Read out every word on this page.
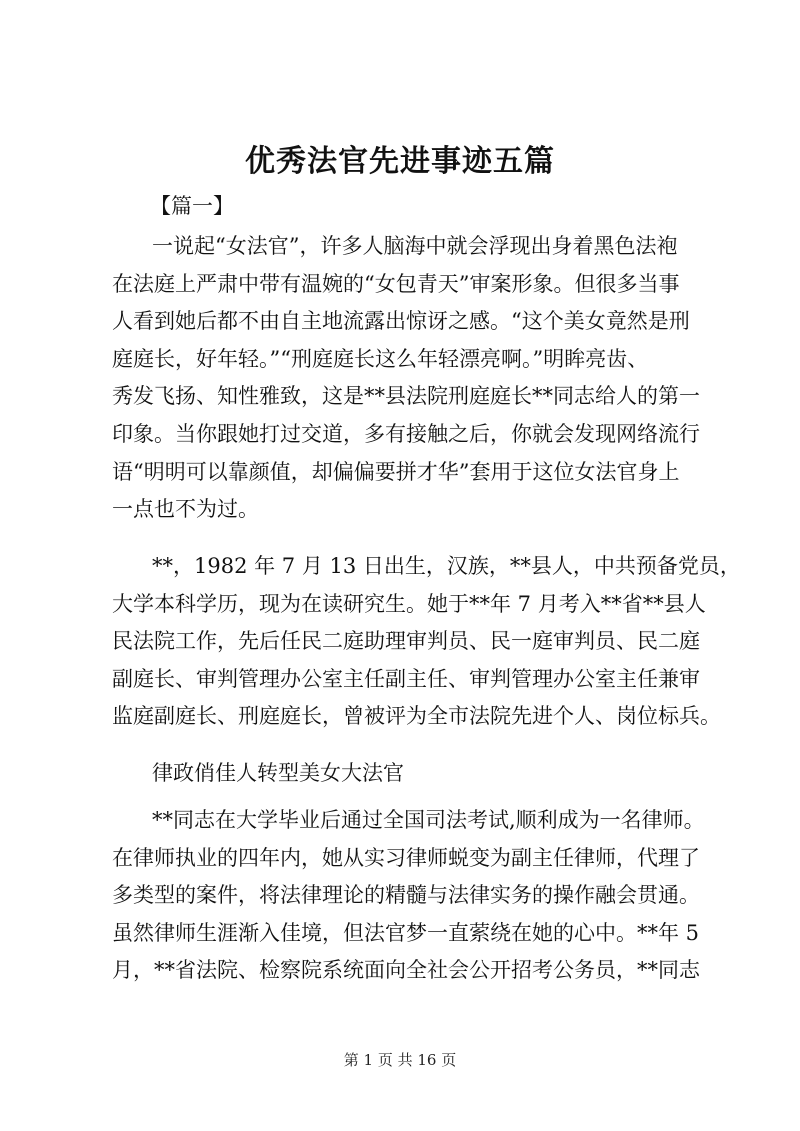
优秀法官先进事迹五篇
【篇一】
一说起“女法官”，许多人脑海中就会浮现出身着黑色法袍
在法庭上严肃中带有温婉的“女包青天”审案形象。但很多当事
人看到她后都不由自主地流露出惊讶之感。“这个美女竟然是刑
庭庭长，好年轻。”“刑庭庭长这么年轻漂亮啊。”明眸亮齿、
秀发飞扬、知性雅致，这是**县法院刑庭庭长**同志给人的第一
印象。当你跟她打过交道，多有接触之后，你就会发现网络流行
语“明明可以靠颜值，却偏偏要拼才华”套用于这位女法官身上
一点也不为过。
**，1982 年 7 月 13 日出生，汉族，**县人，中共预备党员，
大学本科学历，现为在读研究生。她于**年 7 月考入**省**县人
民法院工作，先后任民二庭助理审判员、民一庭审判员、民二庭
副庭长、审判管理办公室主任副主任、审判管理办公室主任兼审
监庭副庭长、刑庭庭长，曾被评为全市法院先进个人、岗位标兵。
律政俏佳人转型美女大法官
**同志在大学毕业后通过全国司法考试,顺利成为一名律师。
在律师执业的四年内，她从实习律师蜕变为副主任律师，代理了
多类型的案件，将法律理论的精髓与法律实务的操作融会贯通。
虽然律师生涯渐入佳境，但法官梦一直萦绕在她的心中。**年 5
月，**省法院、检察院系统面向全社会公开招考公务员，**同志
第 1 页 共 16 页
